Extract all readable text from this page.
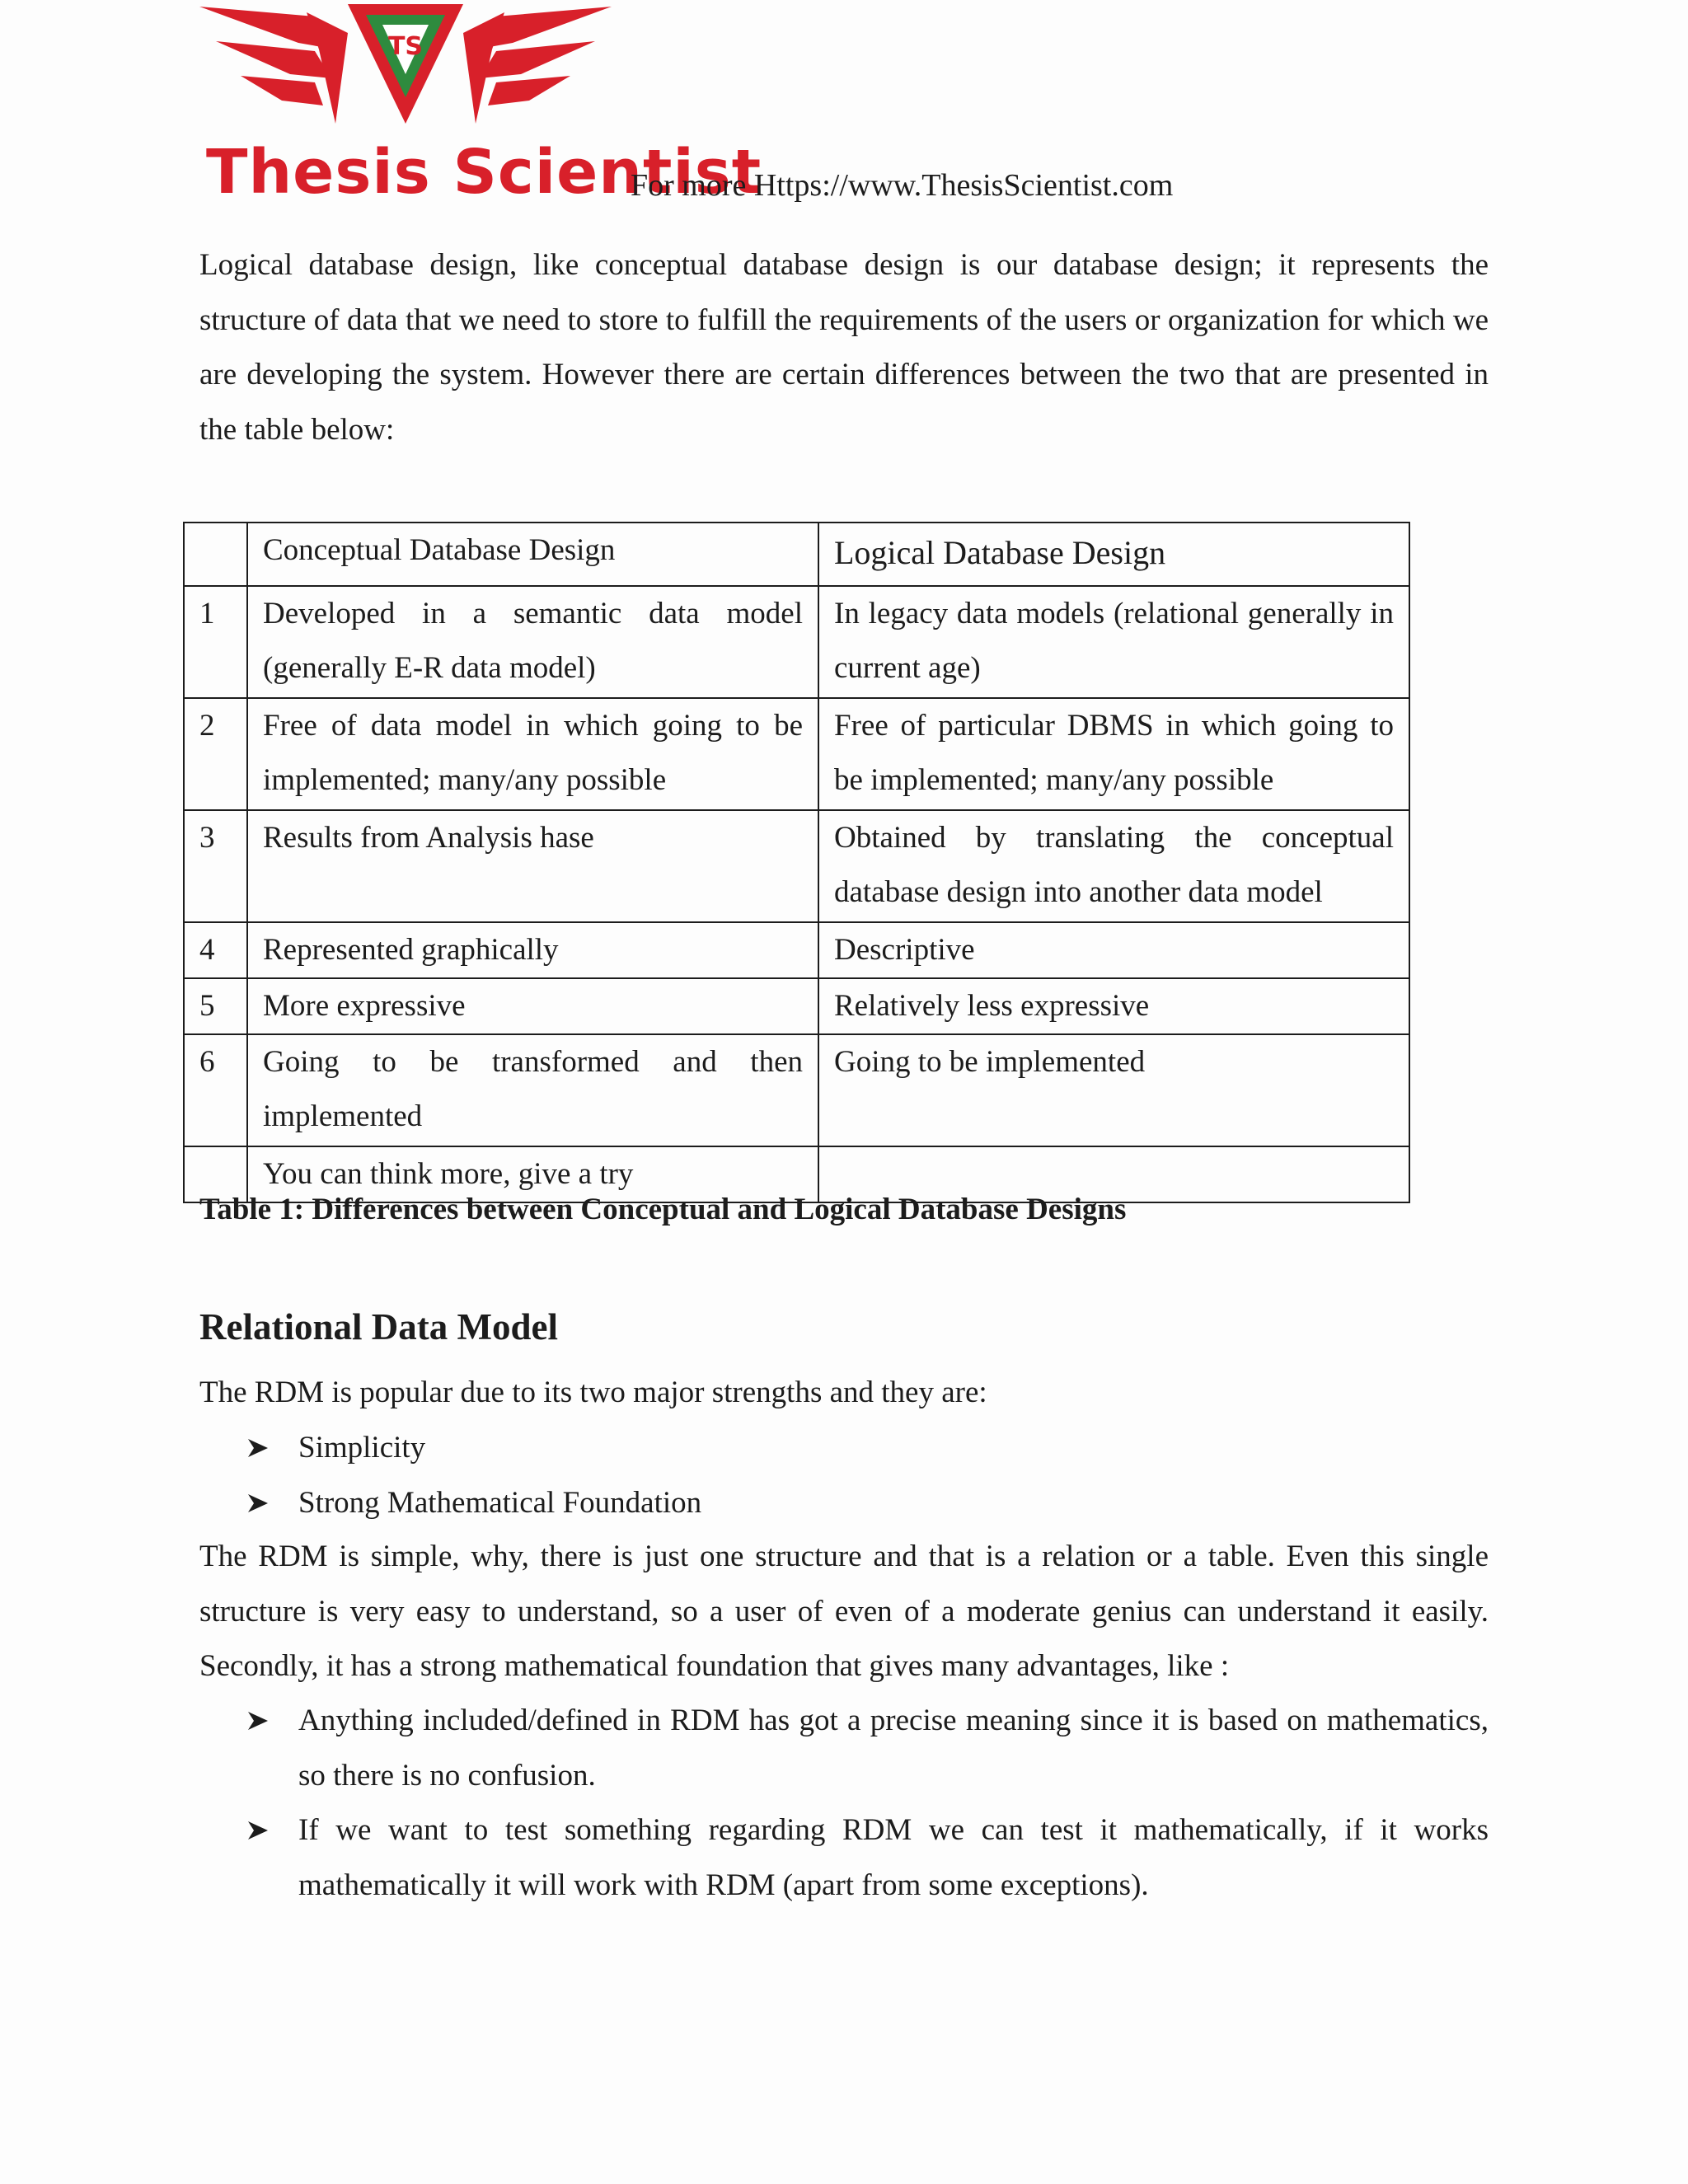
TS
Thesis Scientist
For more Https://www.ThesisScientist.com

Logical database design, like conceptual database design is our database design; it represents the structure of data that we need to store to fulfill the requirements of the users or organization for which we are developing the system. However there are certain differences between the two that are presented in the table below:

	Conceptual Database Design	Logical Database Design
1	Developed in a semantic data model (generally E-R data model)	In legacy data models (relational generally in current age)
2	Free of data model in which going to be implemented; many/any possible	Free of particular DBMS in which going to be implemented; many/any possible
3	Results from Analysis hase	Obtained by translating the conceptual database design into another data model
4	Represented graphically	Descriptive
5	More expressive	Relatively less expressive
6	Going to be transformed and then implemented	Going to be implemented
	You can think more, give a try	
Table 1: Differences between Conceptual and Logical Database Designs
Relational Data Model

The RDM is popular due to its two major strengths and they are:

Simplicity
Strong Mathematical Foundation

The RDM is simple, why, there is just one structure and that is a relation or a table. Even this single structure is very easy to understand, so a user of even of a moderate genius can understand it easily. Secondly, it has a strong mathematical foundation that gives many advantages, like :

Anything included/defined in RDM has got a precise meaning since it is based on mathematics, so there is no confusion.
If we want to test something regarding RDM we can test it mathematically, if it works mathematically it will work with RDM (apart from some exceptions).
